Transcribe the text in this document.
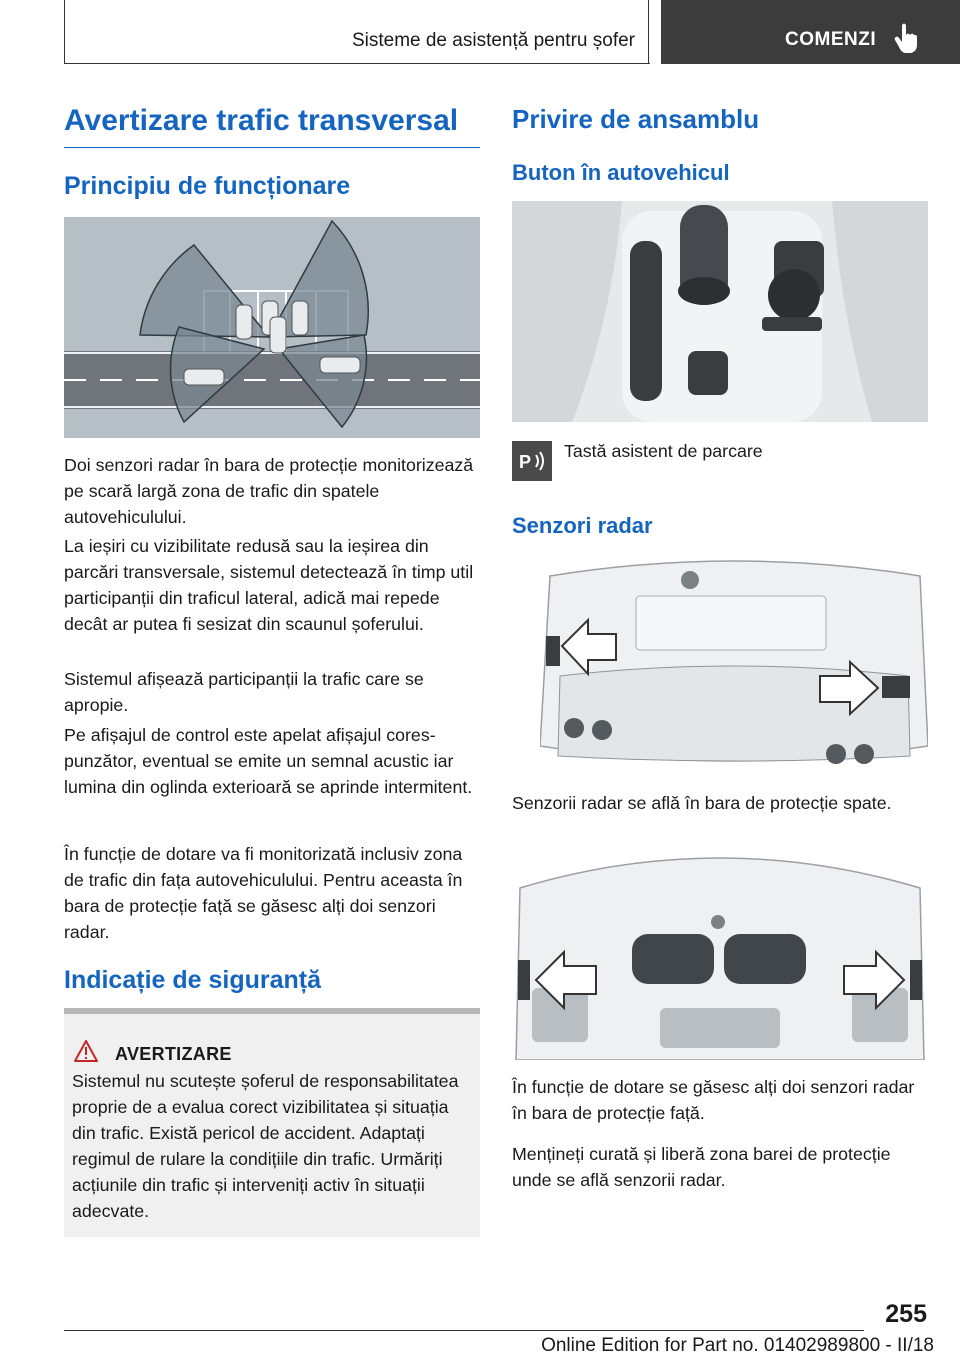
Sisteme de asistență pentru șofer	COMENZI
Avertizare trafic transversal
Principiu de funcționare
Doi senzori radar în bara de protecție monitorizează pe scară largă zona de trafic din spatele autovehiculului.
La ieșiri cu vizibilitate redusă sau la ieșirea din parcări transversale, sistemul detectează în timp util participanții din traficul lateral, adică mai repede decât ar putea fi sesizat din scaunul șoferului.
Sistemul afișează participanții la trafic care se apropie.
Pe afișajul de control este apelat afișajul corespunzător, eventual se emite un semnal acustic iar lumina din oglinda exterioară se aprinde intermitent.
În funcție de dotare va fi monitorizată inclusiv zona de trafic din fața autovehiculului. Pentru aceasta în bara de protecție față se găsesc alți doi senzori radar.
Indicație de siguranță
AVERTIZARE
Sistemul nu scutește șoferul de responsabilitatea proprie de a evalua corect vizibilitatea și situația din trafic. Există pericol de accident. Adaptați regimul de rulare la condițiile din trafic. Urmăriți acțiunile din trafic și interveniți activ în situații adecvate.
Privire de ansamblu
Buton în autovehicul
P
Tastă asistent de parcare
Senzori radar
Senzorii radar se află în bara de protecție spate.
În funcție de dotare se găsesc alți doi senzori radar în bara de protecție față.
Mențineți curată și liberă zona barei de protecție unde se află senzorii radar.
255
Online Edition for Part no. 01402989800 - II/18
